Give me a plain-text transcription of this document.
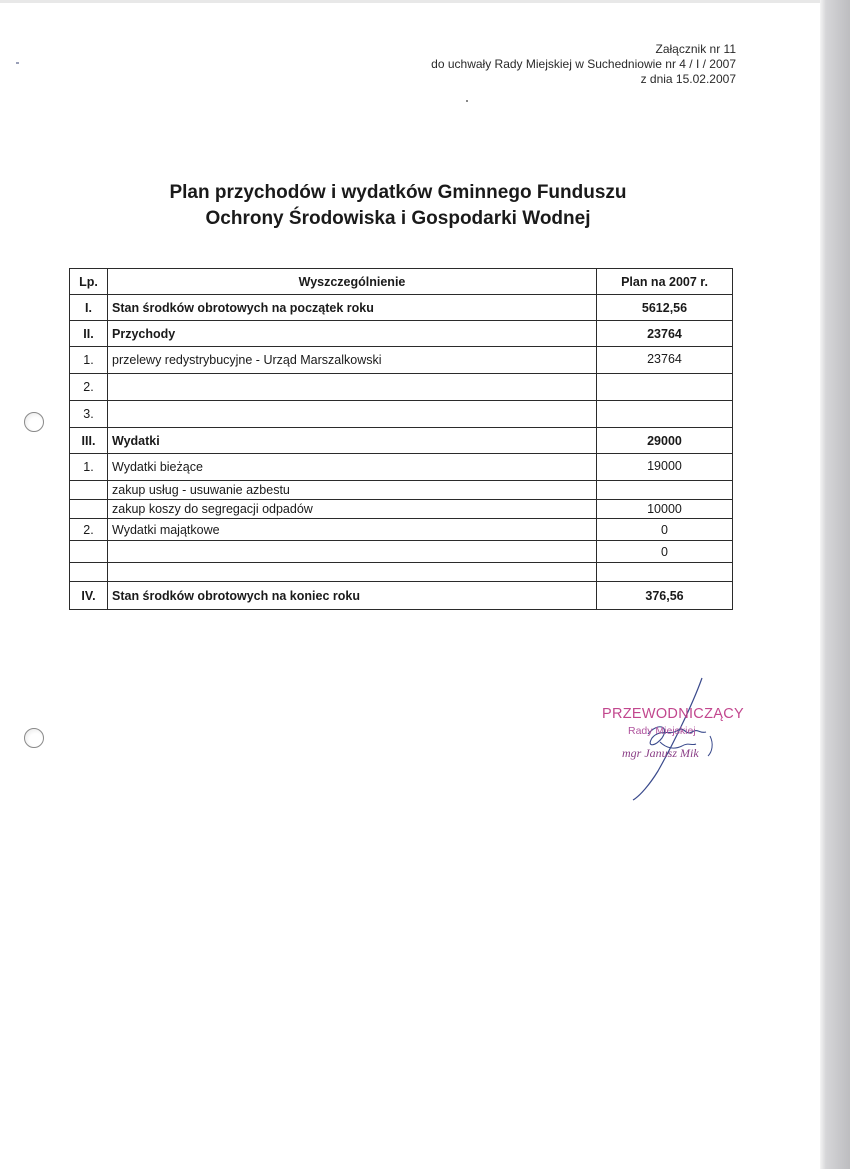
Załącznik nr 11
do uchwały Rady Miejskiej w Suchedniowie nr 4 / I / 2007
z dnia 15.02.2007
Plan przychodów i wydatków Gminnego Funduszu
Ochrony Środowiska i Gospodarki Wodnej
Lp.	Wyszczególnienie	Plan na 2007 r.
I.	Stan środków obrotowych na początek roku	5612,56
II.	Przychody	23764
1.	przelewy redystrybucyjne - Urząd Marszalkowski	23764
2.		
3.		
III.	Wydatki	29000
1.	Wydatki bieżące	19000
	zakup usług - usuwanie azbestu	
	zakup koszy do segregacji odpadów	10000
2.	Wydatki majątkowe	0
		0

IV.	Stan środków obrotowych na koniec roku	376,56
PRZEWODNICZĄCY
Rady Miejskiej
mgr Janusz Mik
